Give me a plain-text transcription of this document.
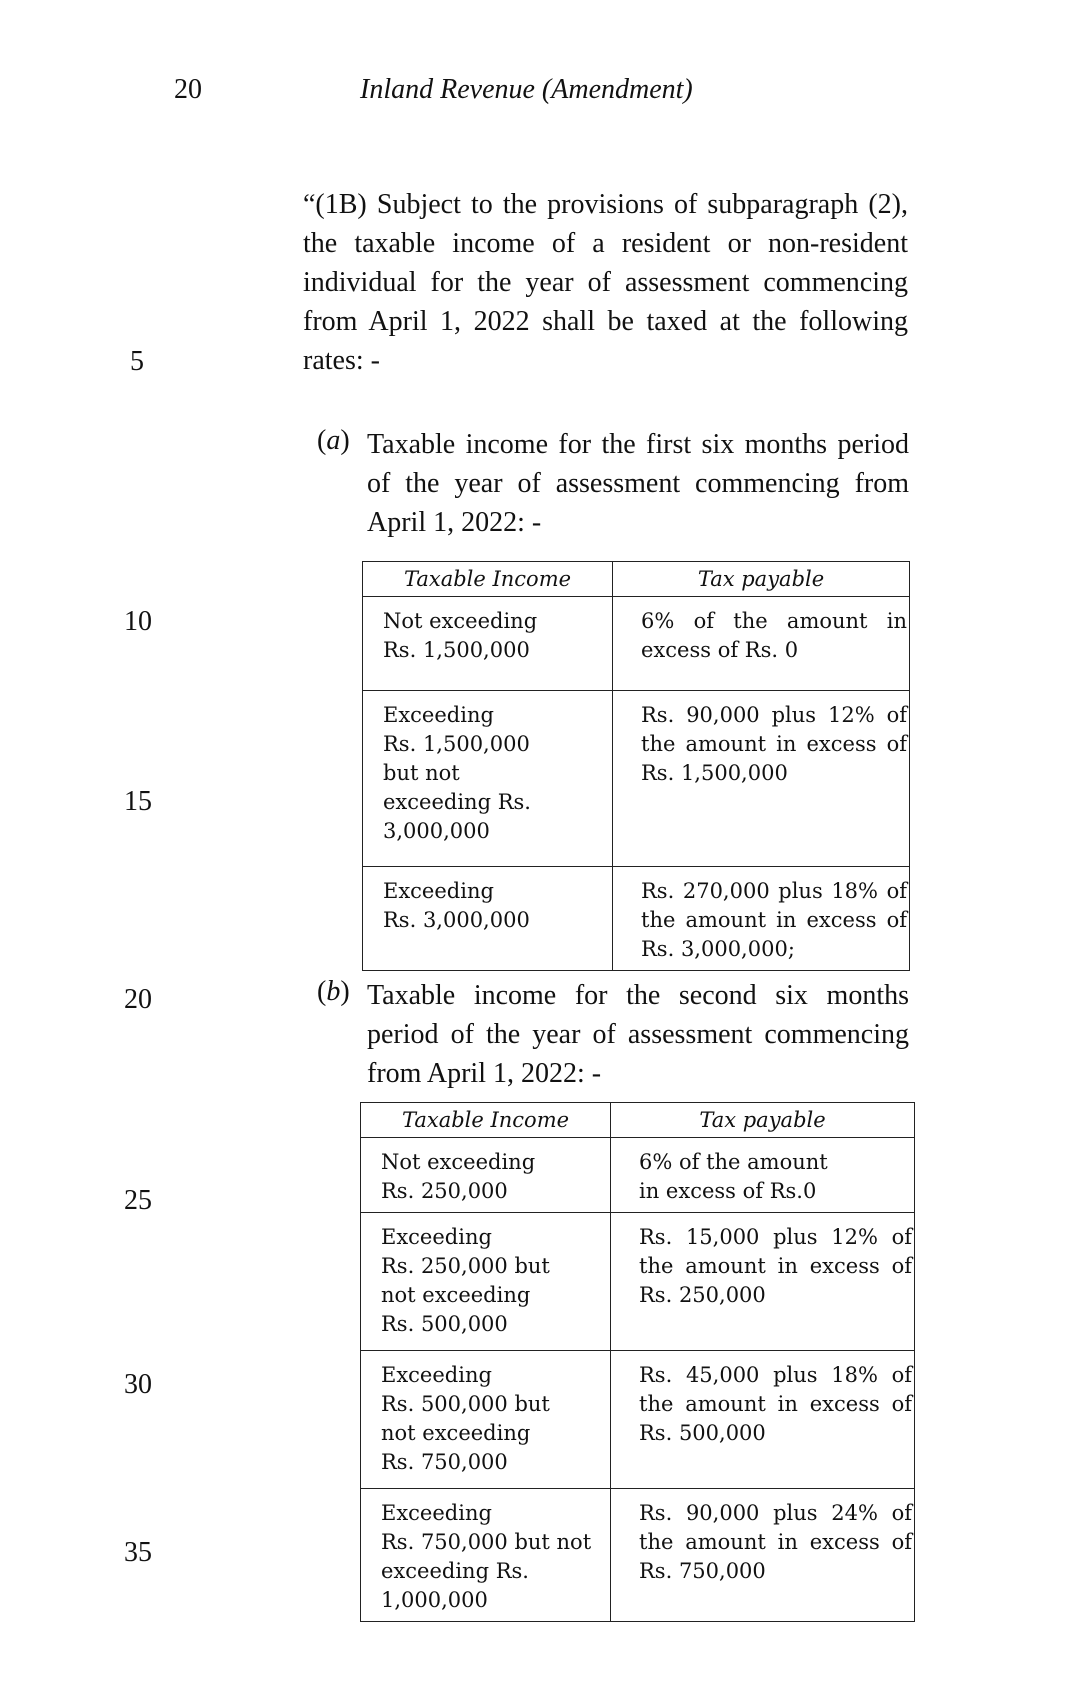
20	Inland Revenue (Amendment)
5
10
15
20
25
30
35
“(1B) Subject to the provisions of subparagraph (2), the taxable income of a resident or non-resident individual for the year of assessment commencing from April 1, 2022 shall be taxed at the following rates: -
(a) Taxable income for the first six months period of the year of assessment commencing from April 1, 2022: -
Taxable Income	Tax payable

Not exceeding
Rs. 1,500,000	6% of the amount in excess of Rs. 0

Exceeding
Rs. 1,500,000
but not
exceeding Rs.
3,000,000	Rs. 90,000 plus 12% of the amount in excess of Rs. 1,500,000

Exceeding
Rs. 3,000,000	Rs. 270,000 plus 18% of the amount in excess of Rs. 3,000,000;
(b) Taxable income for the second six months period of the year of assessment commencing from April 1, 2022: -
Taxable Income	Tax payable

Not exceeding
Rs. 250,000	6% of the amount
in excess of Rs.0

Exceeding
Rs. 250,000 but
not exceeding
Rs. 500,000	Rs. 15,000 plus 12% of the amount in excess of Rs. 250,000

Exceeding
Rs. 500,000 but
not exceeding
Rs. 750,000	Rs. 45,000 plus 18% of the amount in excess of Rs. 500,000

Exceeding
Rs. 750,000 but not
exceeding Rs.
1,000,000	Rs. 90,000 plus 24% of the amount in excess of Rs. 750,000
